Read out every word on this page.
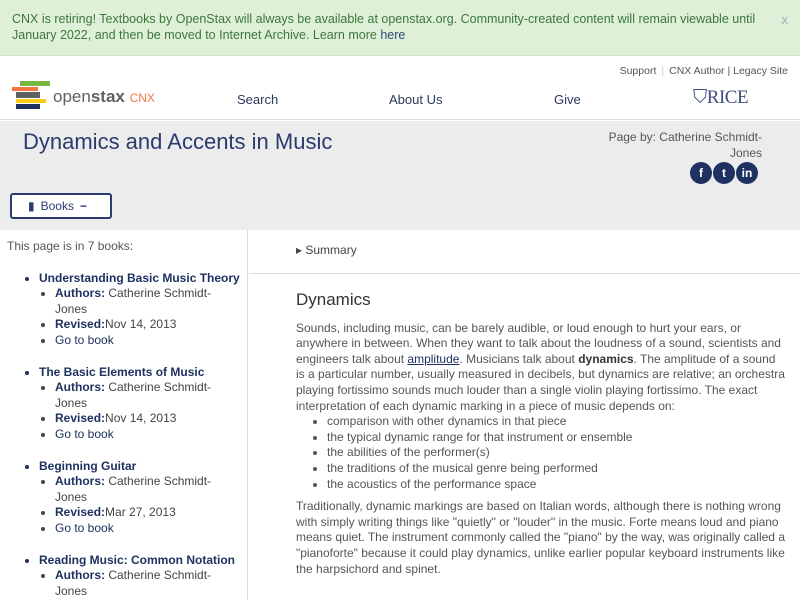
CNX is retiring! Textbooks by OpenStax will always be available at openstax.org. Community-created content will remain viewable until January 2022, and then be moved to Internet Archive. Learn more here
x
Support | CNX Author | Legacy Site
openstax CNX	Search	About Us	Give	⛉RICE
Dynamics and Accents in Music	Page by: Catherine Schmidt-Jones
f	t	in
▮ Books −
This page is in 7 books:
• Understanding Basic Music Theory
• Authors: Catherine Schmidt-Jones
• Revised:Nov 14, 2013
• Go to book
• The Basic Elements of Music
• Authors: Catherine Schmidt-Jones
• Revised:Nov 14, 2013
• Go to book
• Beginning Guitar
• Authors: Catherine Schmidt-Jones
• Revised:Mar 27, 2013
• Go to book
• Reading Music: Common Notation
• Authors: Catherine Schmidt-Jones
▸ Summary
Dynamics

Sounds, including music, can be barely audible, or loud enough to hurt your ears, or anywhere in between. When they want to talk about the loudness of a sound, scientists and engineers talk about amplitude. Musicians talk about dynamics. The amplitude of a sound is a particular number, usually measured in decibels, but dynamics are relative; an orchestra playing fortissimo sounds much louder than a single violin playing fortissimo. The exact interpretation of each dynamic marking in a piece of music depends on:

• comparison with other dynamics in that piece
• the typical dynamic range for that instrument or ensemble
• the abilities of the performer(s)
• the traditions of the musical genre being performed
• the acoustics of the performance space

Traditionally, dynamic markings are based on Italian words, although there is nothing wrong with simply writing things like "quietly" or "louder" in the music. Forte means loud and piano means quiet. The instrument commonly called the "piano" by the way, was originally called a "pianoforte" because it could play dynamics, unlike earlier popular keyboard instruments like the harpsichord and spinet.
